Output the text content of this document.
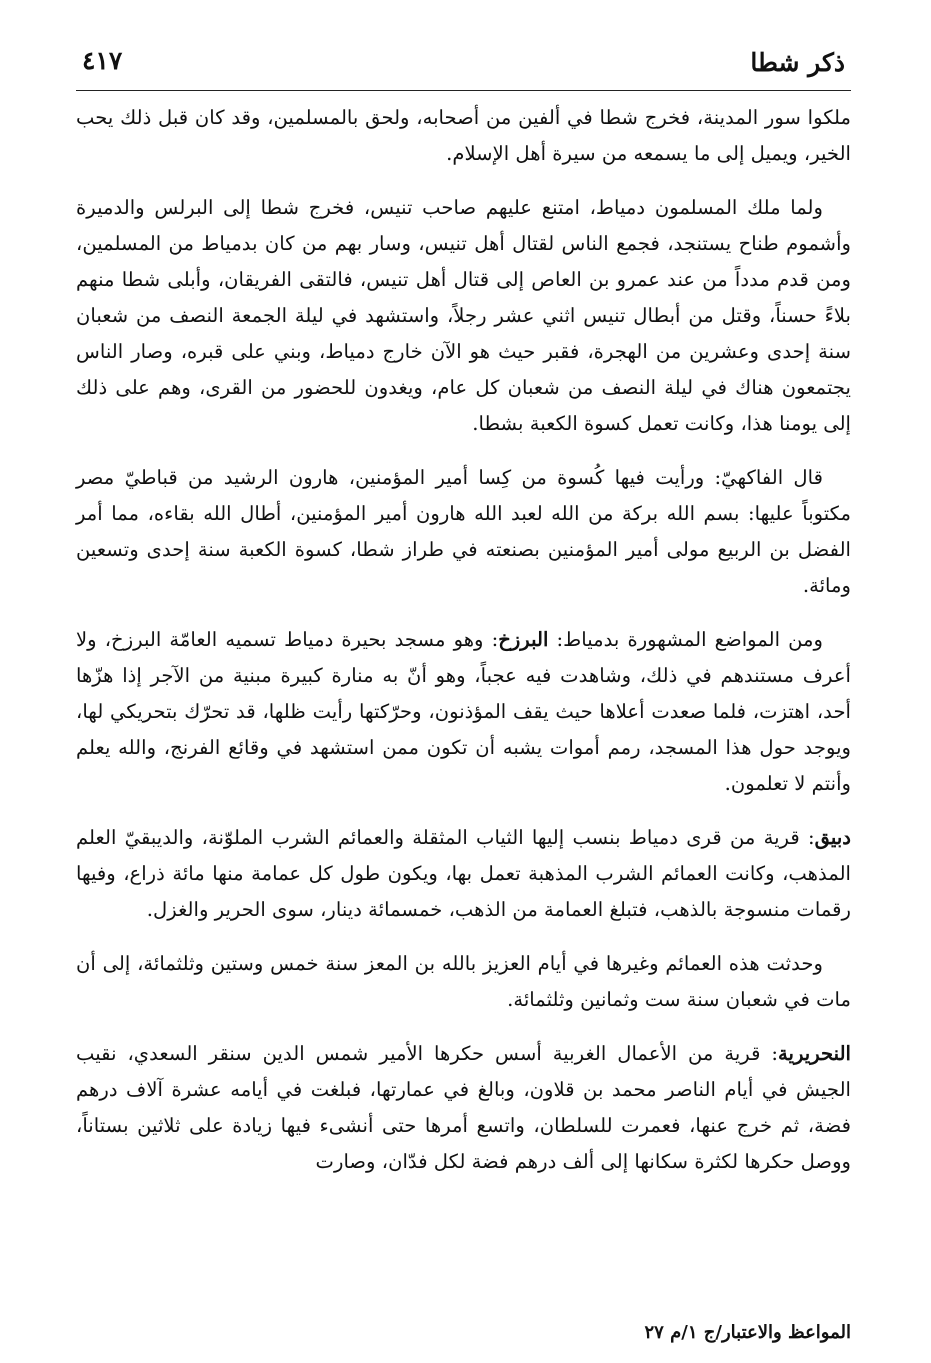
ذكر شطا
٤١٧

ملكوا سور المدينة، فخرج شطا في ألفين من أصحابه، ولحق بالمسلمين، وقد كان قبل ذلك يحب الخير، ويميل إلى ما يسمعه من سيرة أهل الإسلام.

ولما ملك المسلمون دمياط، امتنع عليهم صاحب تنيس، فخرج شطا إلى البرلس والدميرة وأشموم طناح يستنجد، فجمع الناس لقتال أهل تنيس، وسار بهم من كان بدمياط من المسلمين، ومن قدم مدداً من عند عمرو بن العاص إلى قتال أهل تنيس، فالتقى الفريقان، وأبلى شطا منهم بلاءً حسناً، وقتل من أبطال تنيس اثني عشر رجلاً، واستشهد في ليلة الجمعة النصف من شعبان سنة إحدى وعشرين من الهجرة، فقبر حيث هو الآن خارج دمياط، وبني على قبره، وصار الناس يجتمعون هناك في ليلة النصف من شعبان كل عام، ويغدون للحضور من القرى، وهم على ذلك إلى يومنا هذا، وكانت تعمل كسوة الكعبة بشطا.

قال الفاكهيّ: ورأيت فيها كُسوة من كِسا أمير المؤمنين، هارون الرشيد من قباطيّ مصر مكتوباً عليها: بسم الله بركة من الله لعبد الله هارون أمير المؤمنين، أطال الله بقاءه، مما أمر الفضل بن الربيع مولى أمير المؤمنين بصنعته في طراز شطا، كسوة الكعبة سنة إحدى وتسعين ومائة.

ومن المواضع المشهورة بدمياط: البرزخ: وهو مسجد بحيرة دمياط تسميه العامّة البرزخ، ولا أعرف مستندهم في ذلك، وشاهدت فيه عجباً، وهو أنّ به منارة كبيرة مبنية من الآجر إذا هزّها أحد، اهتزت، فلما صعدت أعلاها حيث يقف المؤذنون، وحرّكتها رأيت ظلها، قد تحرّك بتحريكي لها، ويوجد حول هذا المسجد، رمم أموات يشبه أن تكون ممن استشهد في وقائع الفرنج، والله يعلم وأنتم لا تعلمون.

دبيق: قرية من قرى دمياط بنسب إليها الثياب المثقلة والعمائم الشرب الملوّنة، والديبقيّ العلم المذهب، وكانت العمائم الشرب المذهبة تعمل بها، ويكون طول كل عمامة منها مائة ذراع، وفيها رقمات منسوجة بالذهب، فتبلغ العمامة من الذهب، خمسمائة دينار، سوى الحرير والغزل.

وحدثت هذه العمائم وغيرها في أيام العزيز بالله بن المعز سنة خمس وستين وثلثمائة، إلى أن مات في شعبان سنة ست وثمانين وثلثمائة.

النحريرية: قرية من الأعمال الغربية أسس حكرها الأمير شمس الدين سنقر السعدي، نقيب الجيش في أيام الناصر محمد بن قلاون، وبالغ في عمارتها، فبلغت في أيامه عشرة آلاف درهم فضة، ثم خرج عنها، فعمرت للسلطان، واتسع أمرها حتى أنشىء فيها زيادة على ثلاثين بستاناً، ووصل حكرها لكثرة سكانها إلى ألف درهم فضة لكل فدّان، وصارت

المواعظ والاعتبار/ج ١/م ٢٧
